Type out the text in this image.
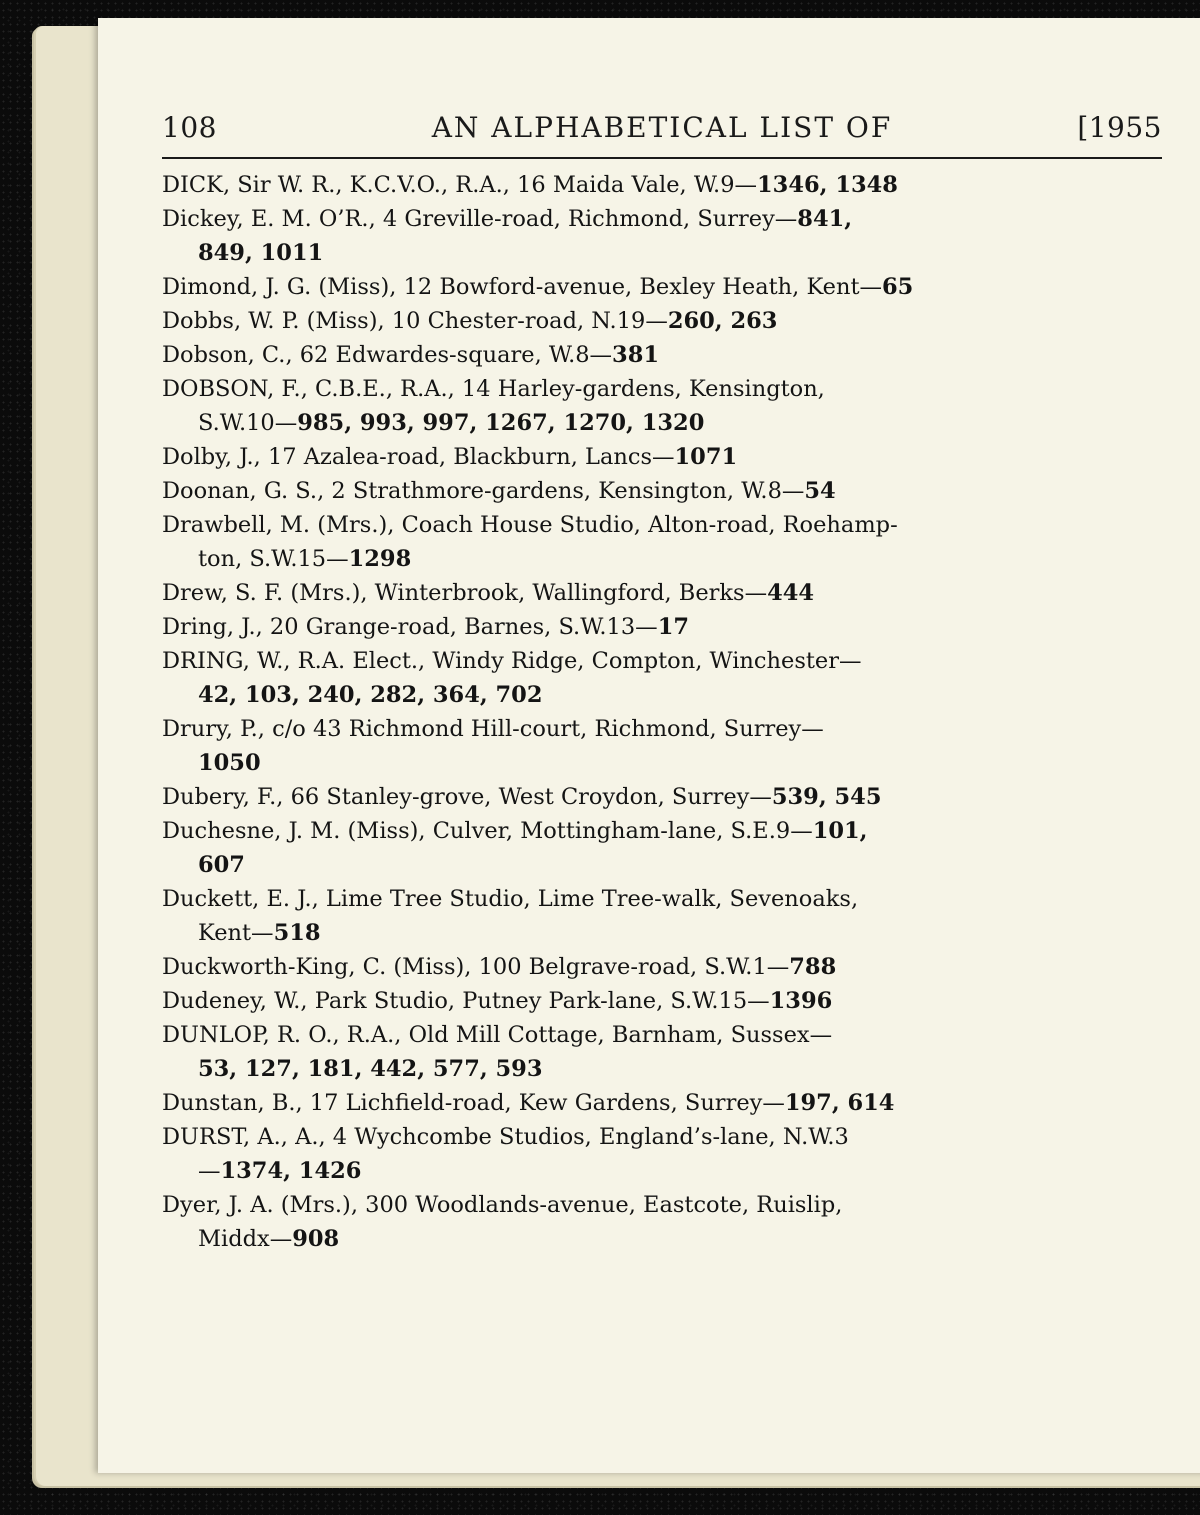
108	AN ALPHABETICAL LIST OF	[1955
DICK, Sir W. R., K.C.V.O., R.A., 16 Maida Vale, W.9—1346, 1348
Dickey, E. M. O’R., 4 Greville-road, Richmond, Surrey—841,
849, 1011
Dimond, J. G. (Miss), 12 Bowford-avenue, Bexley Heath, Kent—65
Dobbs, W. P. (Miss), 10 Chester-road, N.19—260, 263
Dobson, C., 62 Edwardes-square, W.8—381
DOBSON, F., C.B.E., R.A., 14 Harley-gardens, Kensington,
S.W.10—985, 993, 997, 1267, 1270, 1320
Dolby, J., 17 Azalea-road, Blackburn, Lancs—1071
Doonan, G. S., 2 Strathmore-gardens, Kensington, W.8—54
Drawbell, M. (Mrs.), Coach House Studio, Alton-road, Roehamp-
ton, S.W.15—1298
Drew, S. F. (Mrs.), Winterbrook, Wallingford, Berks—444
Dring, J., 20 Grange-road, Barnes, S.W.13—17
DRING, W., R.A. Elect., Windy Ridge, Compton, Winchester—
42, 103, 240, 282, 364, 702
Drury, P., c/o 43 Richmond Hill-court, Richmond, Surrey—
1050
Dubery, F., 66 Stanley-grove, West Croydon, Surrey—539, 545
Duchesne, J. M. (Miss), Culver, Mottingham-lane, S.E.9—101,
607
Duckett, E. J., Lime Tree Studio, Lime Tree-walk, Sevenoaks,
Kent—518
Duckworth-King, C. (Miss), 100 Belgrave-road, S.W.1—788
Dudeney, W., Park Studio, Putney Park-lane, S.W.15—1396
DUNLOP, R. O., R.A., Old Mill Cottage, Barnham, Sussex—
53, 127, 181, 442, 577, 593
Dunstan, B., 17 Lichfield-road, Kew Gardens, Surrey—197, 614
DURST, A., A., 4 Wychcombe Studios, England’s-lane, N.W.3
—1374, 1426
Dyer, J. A. (Mrs.), 300 Woodlands-avenue, Eastcote, Ruislip,
Middx—908
